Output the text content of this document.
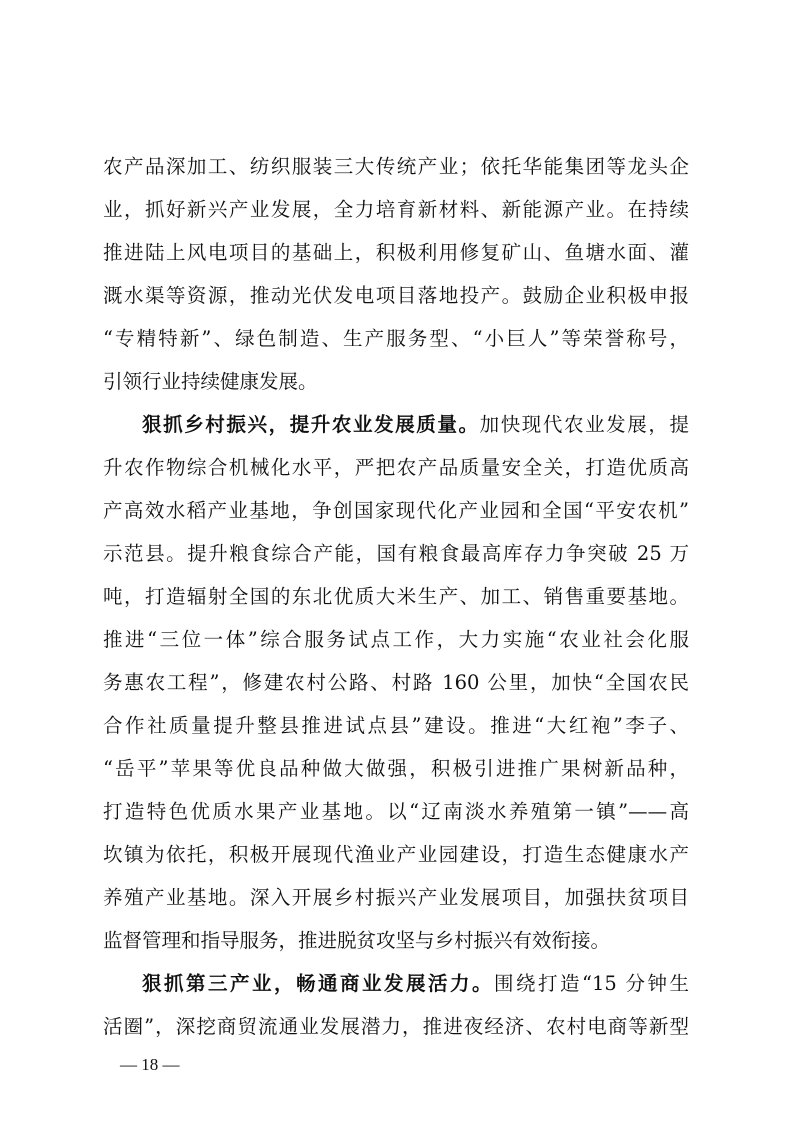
农产品深加工、纺织服装三大传统产业；依托华能集团等龙头企
业，抓好新兴产业发展，全力培育新材料、新能源产业。在持续
推进陆上风电项目的基础上，积极利用修复矿山、鱼塘水面、灌
溉水渠等资源，推动光伏发电项目落地投产。鼓励企业积极申报
“专精特新”、绿色制造、生产服务型、“小巨人”等荣誉称号，
引领行业持续健康发展。
狠抓乡村振兴，提升农业发展质量。加快现代农业发展，提
升农作物综合机械化水平，严把农产品质量安全关，打造优质高
产高效水稻产业基地，争创国家现代化产业园和全国“平安农机”
示范县。提升粮食综合产能，国有粮食最高库存力争突破 25 万
吨，打造辐射全国的东北优质大米生产、加工、销售重要基地。
推进“三位一体”综合服务试点工作，大力实施“农业社会化服
务惠农工程”，修建农村公路、村路 160 公里，加快“全国农民
合作社质量提升整县推进试点县”建设。推进“大红袍”李子、
“岳平”苹果等优良品种做大做强，积极引进推广果树新品种，
打造特色优质水果产业基地。以“辽南淡水养殖第一镇”——高
坎镇为依托，积极开展现代渔业产业园建设，打造生态健康水产
养殖产业基地。深入开展乡村振兴产业发展项目，加强扶贫项目
监督管理和指导服务，推进脱贫攻坚与乡村振兴有效衔接。
狠抓第三产业，畅通商业发展活力。围绕打造“15 分钟生
活圈”，深挖商贸流通业发展潜力，推进夜经济、农村电商等新型
— 18 —
